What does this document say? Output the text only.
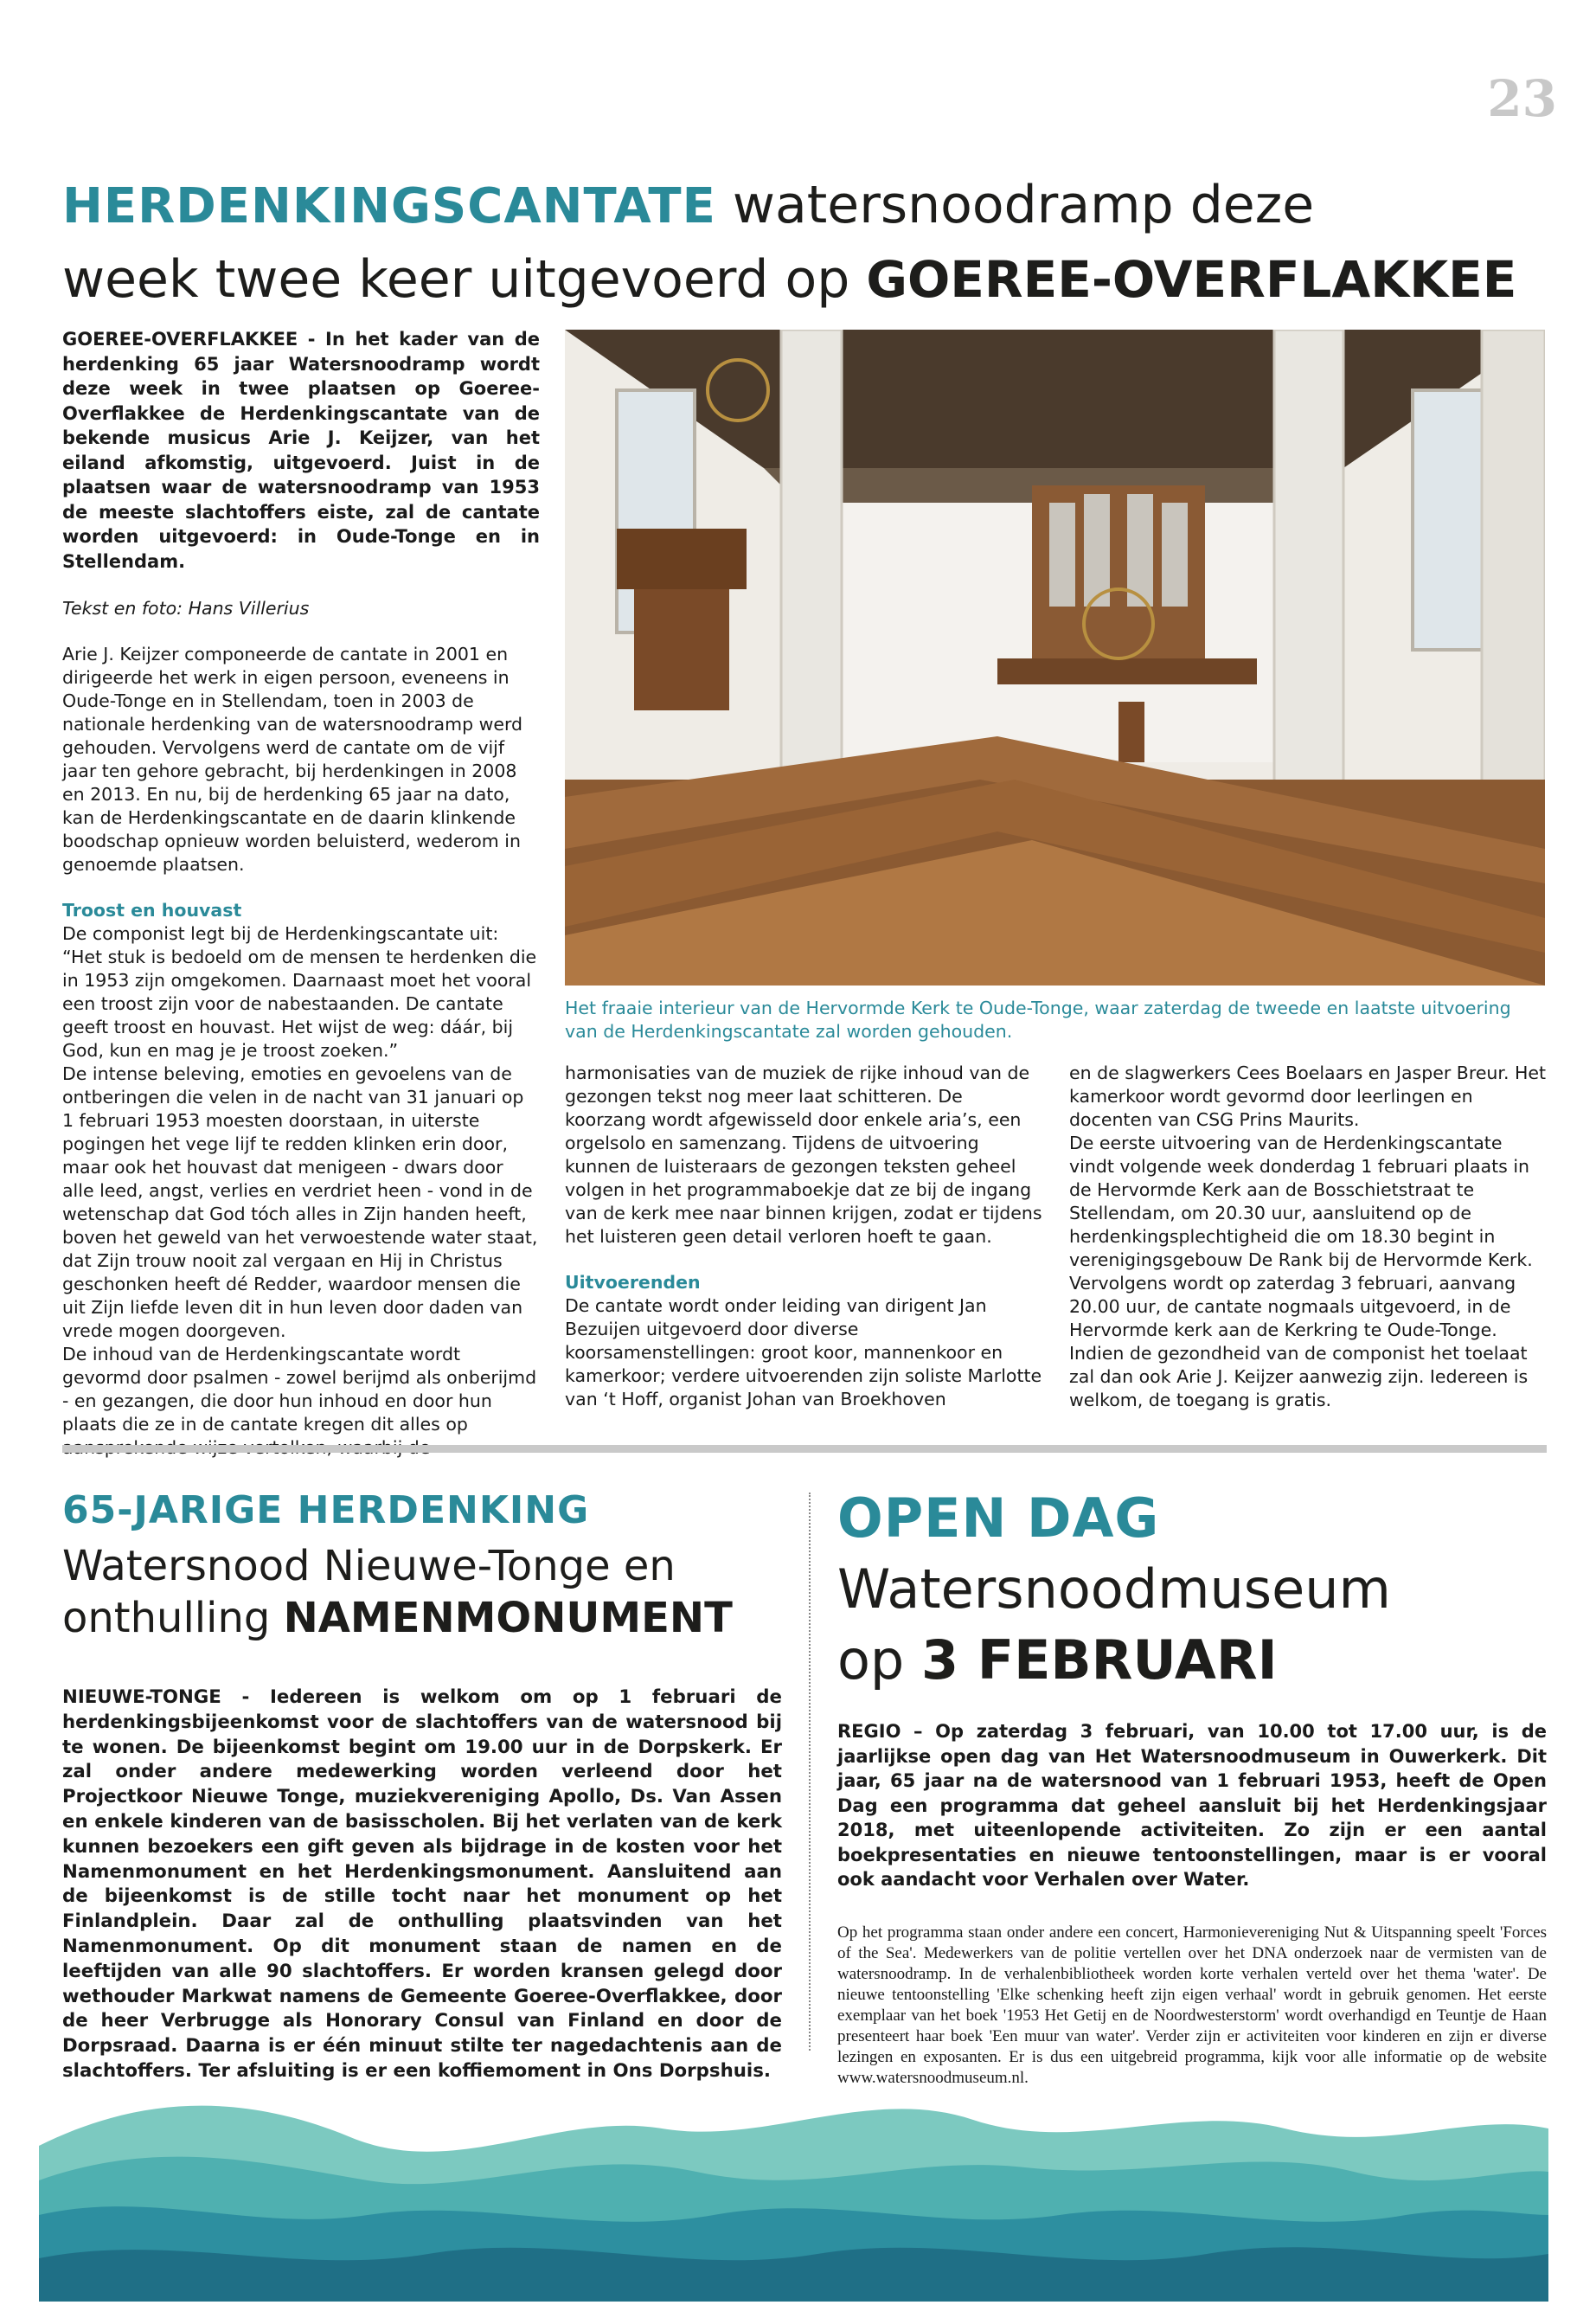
23
HERDENKINGSCANTATE watersnoodramp deze
week twee keer uitgevoerd op GOEREE-OVERFLAKKEE

GOEREE-OVERFLAKKEE - In het kader van de herdenking 65 jaar Watersnoodramp wordt deze week in twee plaatsen op Goeree-Overflakkee de Herdenkingscantate van de bekende musicus Arie J. Keijzer, van het eiland afkomstig, uitgevoerd. Juist in de plaatsen waar de watersnoodramp van 1953 de meeste slachtoffers eiste, zal de cantate worden uitgevoerd: in Oude-Tonge en in Stellendam.

Tekst en foto: Hans Villerius

Arie J. Keijzer componeerde de cantate in 2001 en dirigeerde het werk in eigen persoon, eveneens in Oude-Tonge en in Stellendam, toen in 2003 de nationale herdenking van de watersnoodramp werd gehouden. Vervolgens werd de cantate om de vijf jaar ten gehore gebracht, bij herdenkingen in 2008 en 2013. En nu, bij de herdenking 65 jaar na dato, kan de Herdenkingscantate en de daarin klinkende boodschap opnieuw worden beluisterd, wederom in genoemde plaatsen.

Troost en houvast

De componist legt bij de Herdenkingscantate uit: “Het stuk is bedoeld om de mensen te herdenken die in 1953 zijn omgekomen. Daarnaast moet het vooral een troost zijn voor de nabestaanden. De cantate geeft troost en houvast. Het wijst de weg: dáár, bij God, kun en mag je je troost zoeken.”

De intense beleving, emoties en gevoelens van de ontberingen die velen in de nacht van 31 januari op 1 februari 1953 moesten doorstaan, in uiterste pogingen het vege lijf te redden klinken erin door, maar ook het houvast dat menigeen - dwars door alle leed, angst, verlies en verdriet heen - vond in de wetenschap dat God tóch alles in Zijn handen heeft, boven het geweld van het verwoestende water staat, dat Zijn trouw nooit zal vergaan en Hij in Christus geschonken heeft dé Redder, waardoor mensen die uit Zijn liefde leven dit in hun leven door daden van vrede mogen doorgeven.

De inhoud van de Herdenkingscantate wordt gevormd door psalmen - zowel berijmd als onberijmd - en gezangen, die door hun inhoud en door hun plaats die ze in de cantate kregen dit alles op

Het fraaie interieur van de Hervormde Kerk te Oude-Tonge, waar zaterdag de tweede en laatste uitvoering van de Herdenkingscantate zal worden gehouden.

harmonisaties van de muziek de rijke inhoud van de gezongen tekst nog meer laat schitteren. De koorzang wordt afgewisseld door enkele aria’s, een orgelsolo en samenzang. Tijdens de uitvoering kunnen de luisteraars de gezongen teksten geheel volgen in het programmaboekje dat ze bij de ingang van de kerk mee naar binnen krijgen, zodat er tijdens het luisteren geen detail verloren hoeft te gaan.

Uitvoerenden

De cantate wordt onder leiding van dirigent Jan Bezuijen uitgevoerd door diverse koorsamenstellingen: groot koor, mannenkoor en kamerkoor; verdere uitvoerenden zijn soliste Marlotte van ‘t Hoff, organist Johan van Broekhoven

en de slagwerkers Cees Boelaars en Jasper Breur. Het kamerkoor wordt gevormd door leerlingen en docenten van CSG Prins Maurits.

De eerste uitvoering van de Herdenkingscantate vindt volgende week donderdag 1 februari plaats in de Hervormde Kerk aan de Bosschietstraat te Stellendam, om 20.30 uur, aansluitend op de herdenkingsplechtigheid die om 18.30 begint in verenigingsgebouw De Rank bij de Hervormde Kerk. Vervolgens wordt op zaterdag 3 februari, aanvang 20.00 uur, de cantate nogmaals uitgevoerd, in de Hervormde kerk aan de Kerkring te Oude-Tonge. Indien de gezondheid van de componist het toelaat zal dan ook Arie J. Keijzer aanwezig zijn. Iedereen is welkom, de toegang is gratis.

65-JARIGE HERDENKING
Watersnood Nieuwe-Tonge en
onthulling NAMENMONUMENT

NIEUWE-TONGE - Iedereen is welkom om op 1 februari de herdenkingsbijeenkomst voor de slachtoffers van de watersnood bij te wonen. De bijeenkomst begint om 19.00 uur in de Dorpskerk. Er zal onder andere medewerking worden verleend door het Projectkoor Nieuwe Tonge, muziekvereniging Apollo, Ds. Van Assen en enkele kinderen van de basisscholen. Bij het verlaten van de kerk kunnen bezoekers een gift geven als bijdrage in de kosten voor het Namenmonument en het Herdenkingsmonument. Aansluitend aan de bijeenkomst is de stille tocht naar het monument op het Finlandplein. Daar zal de onthulling plaatsvinden van het Namenmonument. Op dit monument staan de namen en de leeftijden van alle 90 slachtoffers. Er worden kransen gelegd door wethouder Markwat namens de Gemeente Goeree-Overflakkee, door de heer Verbrugge als Honorary Consul van Finland en door de Dorpsraad. Daarna is er één minuut stilte ter nagedachtenis aan de slachtoffers. Ter afsluiting is er een koffiemoment in Ons Dorpshuis.

OPEN DAG
Watersnoodmuseum
op 3 FEBRUARI

REGIO – Op zaterdag 3 februari, van 10.00 tot 17.00 uur, is de jaarlijkse open dag van Het Watersnoodmuseum in Ouwerkerk. Dit jaar, 65 jaar na de watersnood van 1 februari 1953, heeft de Open Dag een programma dat geheel aansluit bij het Herdenkingsjaar 2018, met uiteenlopende activiteiten. Zo zijn er een aantal boekpresentaties en nieuwe tentoonstellingen, maar is er vooral ook aandacht voor Verhalen over Water.

Op het programma staan onder andere een concert, Harmonievereniging Nut & Uitspanning speelt 'Forces of the Sea'. Medewerkers van de politie vertellen over het DNA onderzoek naar de vermisten van de watersnoodramp. In de verhalenbibliotheek worden korte verhalen verteld over het thema 'water'. De nieuwe tentoonstelling 'Elke schenking heeft zijn eigen verhaal' wordt in gebruik genomen. Het eerste exemplaar van het boek '1953 Het Getij en de Noordwesterstorm' wordt overhandigd en Teuntje de Haan presenteert haar boek 'Een muur van water'. Verder zijn er activiteiten voor kinderen en zijn er diverse lezingen en exposanten. Er is dus een uitgebreid programma, kijk voor alle informatie op de website www.watersnoodmuseum.nl.
